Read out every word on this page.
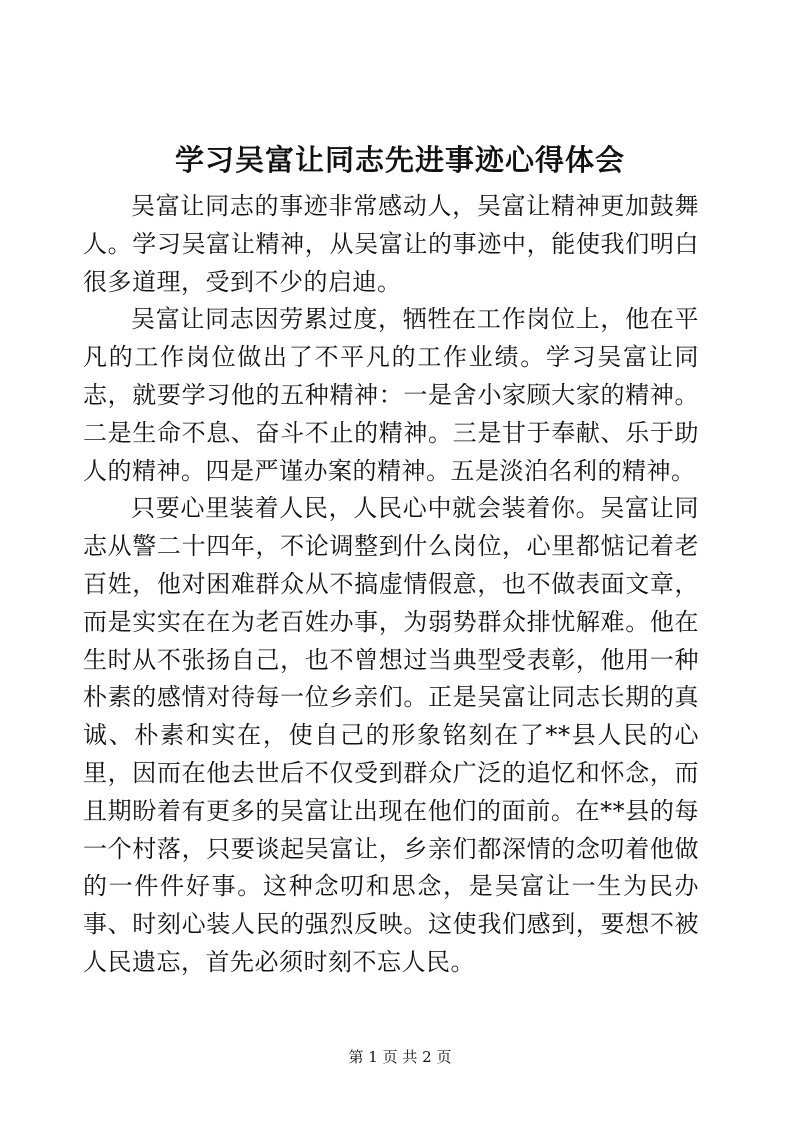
学习吴富让同志先进事迹心得体会

吴富让同志的事迹非常感动人，吴富让精神更加鼓舞人。学习吴富让精神，从吴富让的事迹中，能使我们明白很多道理，受到不少的启迪。

吴富让同志因劳累过度，牺牲在工作岗位上，他在平凡的工作岗位做出了不平凡的工作业绩。学习吴富让同志，就要学习他的五种精神：一是舍小家顾大家的精神。二是生命不息、奋斗不止的精神。三是甘于奉献、乐于助人的精神。四是严谨办案的精神。五是淡泊名利的精神。

只要心里装着人民，人民心中就会装着你。吴富让同志从警二十四年，不论调整到什么岗位，心里都惦记着老百姓，他对困难群众从不搞虚情假意，也不做表面文章，而是实实在在为老百姓办事，为弱势群众排忧解难。他在生时从不张扬自己，也不曾想过当典型受表彰，他用一种朴素的感情对待每一位乡亲们。正是吴富让同志长期的真诚、朴素和实在，使自己的形象铭刻在了**县人民的心里，因而在他去世后不仅受到群众广泛的追忆和怀念，而且期盼着有更多的吴富让出现在他们的面前。在**县的每一个村落，只要谈起吴富让，乡亲们都深情的念叨着他做的一件件好事。这种念叨和思念，是吴富让一生为民办事、时刻心装人民的强烈反映。这使我们感到，要想不被人民遗忘，首先必须时刻不忘人民。

第 1 页 共 2 页
